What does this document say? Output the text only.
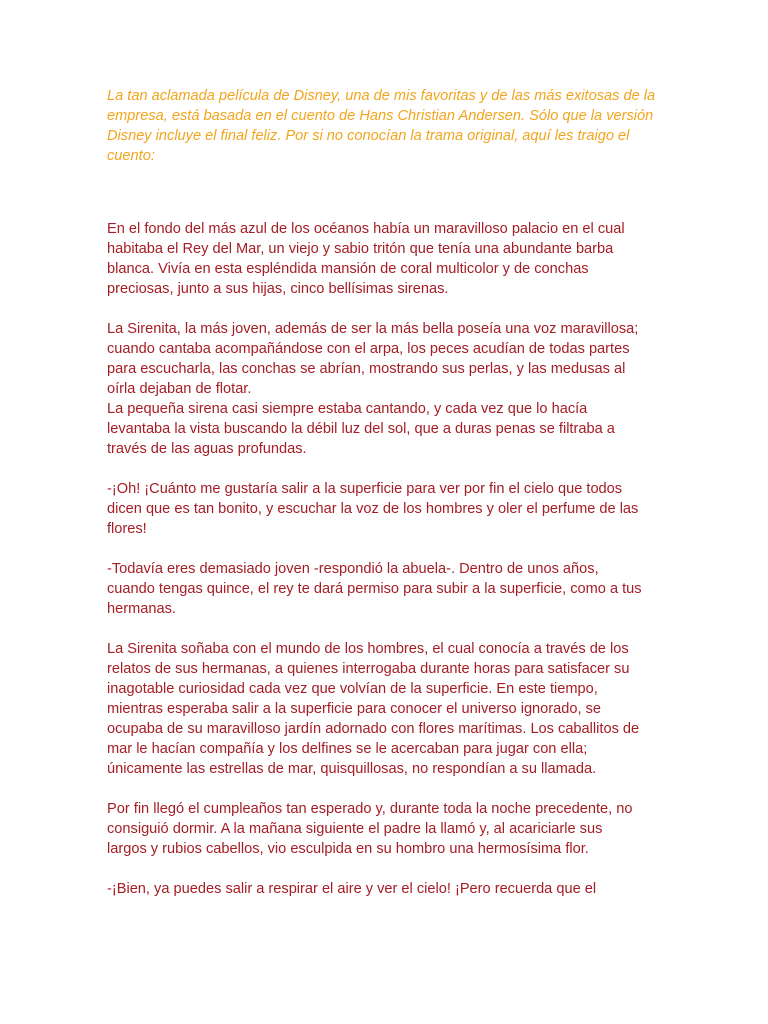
La tan aclamada película de Disney, una de mis favoritas y de las más exitosas de la empresa, está basada en el cuento de Hans Christian Andersen. Sólo que la versión Disney incluye el final feliz. Por si no conocían la trama original, aquí les traigo el cuento:

En el fondo del más azul de los océanos había un maravilloso palacio en el cual
habitaba el Rey del Mar, un viejo y sabio tritón que tenía una abundante barba
blanca. Vivía en esta espléndida mansión de coral multicolor y de conchas
preciosas, junto a sus hijas, cinco bellísimas sirenas.

La Sirenita, la más joven, además de ser la más bella poseía una voz maravillosa;
cuando cantaba acompañándose con el arpa, los peces acudían de todas partes
para escucharla, las conchas se abrían, mostrando sus perlas, y las medusas al
oírla dejaban de flotar.

La pequeña sirena casi siempre estaba cantando, y cada vez que lo hacía
levantaba la vista buscando la débil luz del sol, que a duras penas se filtraba a
través de las aguas profundas.

-¡Oh! ¡Cuánto me gustaría salir a la superficie para ver por fin el cielo que todos
dicen que es tan bonito, y escuchar la voz de los hombres y oler el perfume de las
flores!

-Todavía eres demasiado joven -respondió la abuela-. Dentro de unos años,
cuando tengas quince, el rey te dará permiso para subir a la superficie, como a tus
hermanas.

La Sirenita soñaba con el mundo de los hombres, el cual conocía a través de los
relatos de sus hermanas, a quienes interrogaba durante horas para satisfacer su
inagotable curiosidad cada vez que volvían de la superficie. En este tiempo,
mientras esperaba salir a la superficie para conocer el universo ignorado, se
ocupaba de su maravilloso jardín adornado con flores marítimas. Los caballitos de
mar le hacían compañía y los delfines se le acercaban para jugar con ella;
únicamente las estrellas de mar, quisquillosas, no respondían a su llamada.

Por fin llegó el cumpleaños tan esperado y, durante toda la noche precedente, no
consiguió dormir. A la mañana siguiente el padre la llamó y, al acariciarle sus
largos y rubios cabellos, vio esculpida en su hombro una hermosísima flor.

-¡Bien, ya puedes salir a respirar el aire y ver el cielo! ¡Pero recuerda que el
